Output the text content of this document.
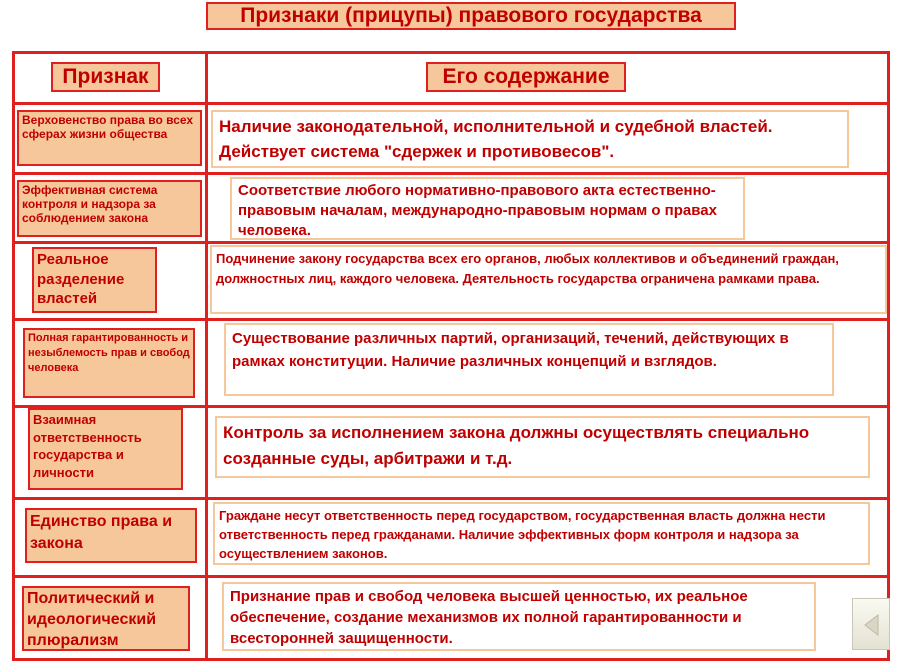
Признаки (прицупы) правового государства
Признак	Его содержание
Верховенство права во всех сферах жизни общества	Наличие законодательной, исполнительной и судебной властей. Действует система "сдержек и противовесов".
Эффективная система контроля и надзора за соблюдением закона
Соответствие любого нормативно-правового акта естественно-правовым началам, международно-правовым нормам о правах человека.
Реальное разделение властей
Подчинение закону государства всех его органов, любых коллективов и объединений граждан, должностных лиц, каждого человека. Деятельность государства ограничена рамками права.
Полная гарантированность и незыблемость прав и свобод человека
Существование различных партий, организаций, течений, действующих в рамках конституции. Наличие различных концепций и взглядов.
Взаимная ответственность государства и личности
Контроль за исполнением закона должны осуществлять специально созданные суды, арбитражи и т.д.
Единство права и закона
Граждане несут ответственность перед государством, государственная власть должна нести ответственность перед гражданами. Наличие эффективных форм контроля и надзора за осуществлением законов.
Политический и идеологический плюрализм
Признание прав и свобод человека высшей ценностью, их реальное обеспечение, создание механизмов их полной гарантированности и всесторонней защищенности.
